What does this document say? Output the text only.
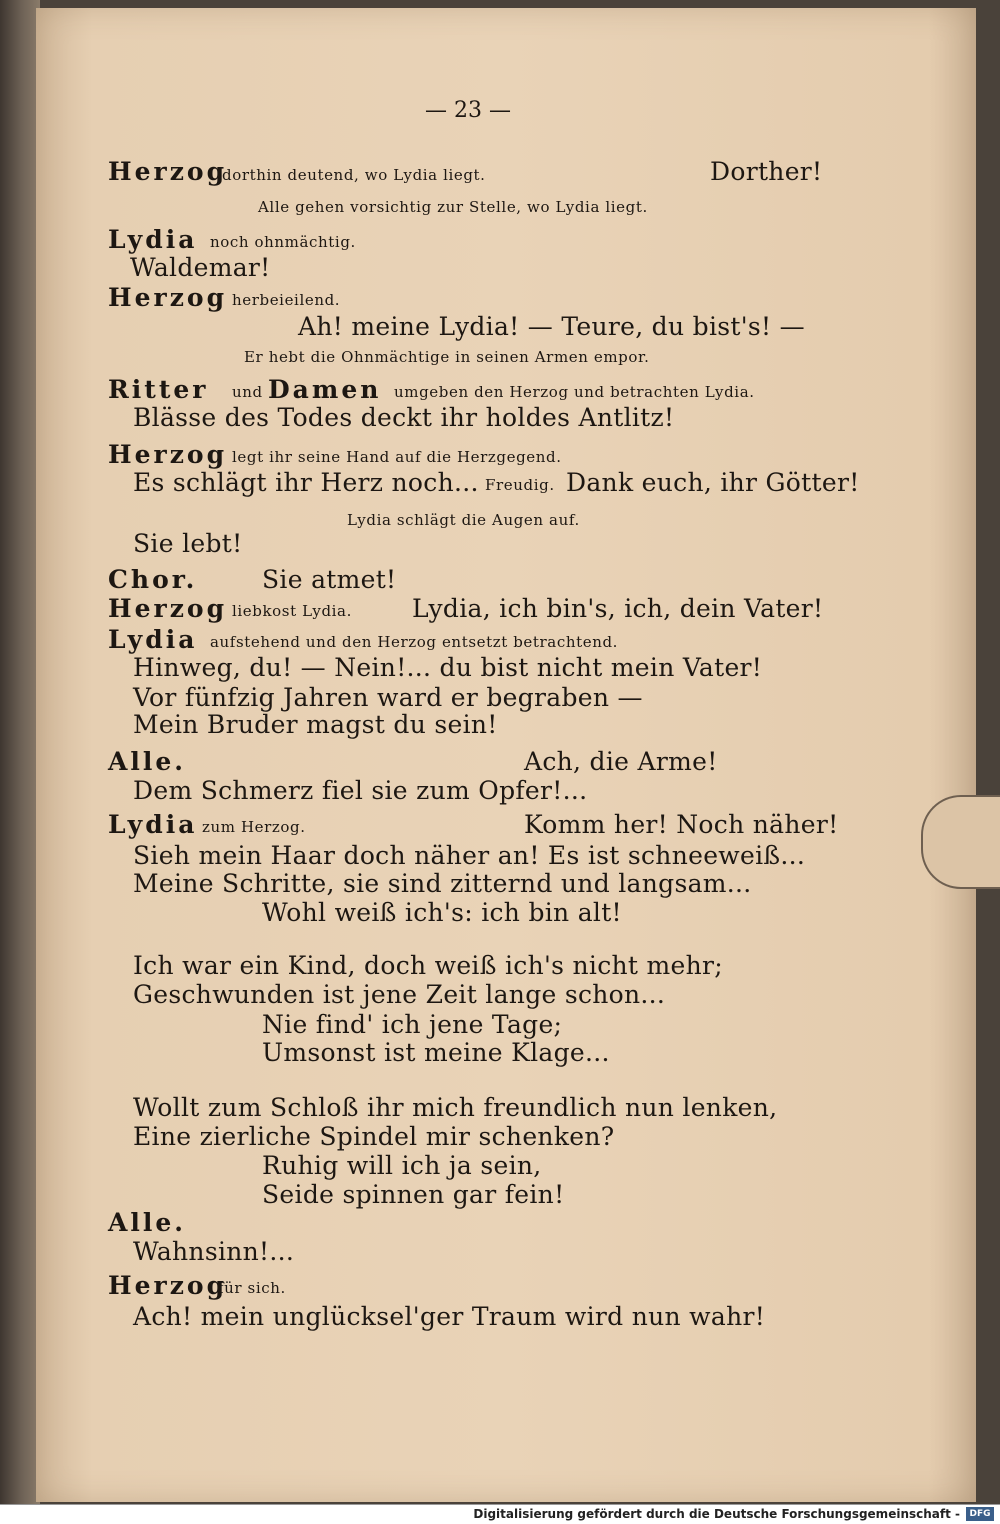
— 23 —
Herzog
dorthin deutend, wo Lydia liegt.	Dorther!
Alle gehen vorsichtig zur Stelle, wo Lydia liegt.
Lydia noch ohnmächtig.
Waldemar!
Herzog herbeieilend.
Ah! meine Lydia! — Teure, du bist's! —
Er hebt die Ohnmächtige in seinen Armen empor.
Ritter und Damen umgeben den Herzog und betrachten Lydia.
Blässe des Todes deckt ihr holdes Antlitz!
Herzog legt ihr seine Hand auf die Herzgegend.
Es schlägt ihr Herz noch... Freudig. Dank euch, ihr Götter!
Lydia schlägt die Augen auf.
Sie lebt!
Chor.	Sie atmet!
Herzog liebkost Lydia. Lydia, ich bin's, ich, dein Vater!
Lydia aufstehend und den Herzog entsetzt betrachtend.
Hinweg, du! — Nein!... du bist nicht mein Vater!
Vor fünfzig Jahren ward er begraben —
Mein Bruder magst du sein!
Alle.	Ach, die Arme!
Dem Schmerz fiel sie zum Opfer!...
Lydia zum Herzog.	Komm her! Noch näher!
Sieh mein Haar doch näher an! Es ist schneeweiß...
Meine Schritte, sie sind zitternd und langsam...
Wohl weiß ich's: ich bin alt!
Ich war ein Kind, doch weiß ich's nicht mehr;
Geschwunden ist jene Zeit lange schon...
Nie find' ich jene Tage;
Umsonst ist meine Klage...
Wollt zum Schloß ihr mich freundlich nun lenken,
Eine zierliche Spindel mir schenken?
Ruhig will ich ja sein,
Seide spinnen gar fein!
Alle.
Wahnsinn!...
Herzog
für sich.
Ach! mein unglücksel'ger Traum wird nun wahr!
Digitalisierung gefördert durch die Deutsche Forschungsgemeinschaft -	DFG
